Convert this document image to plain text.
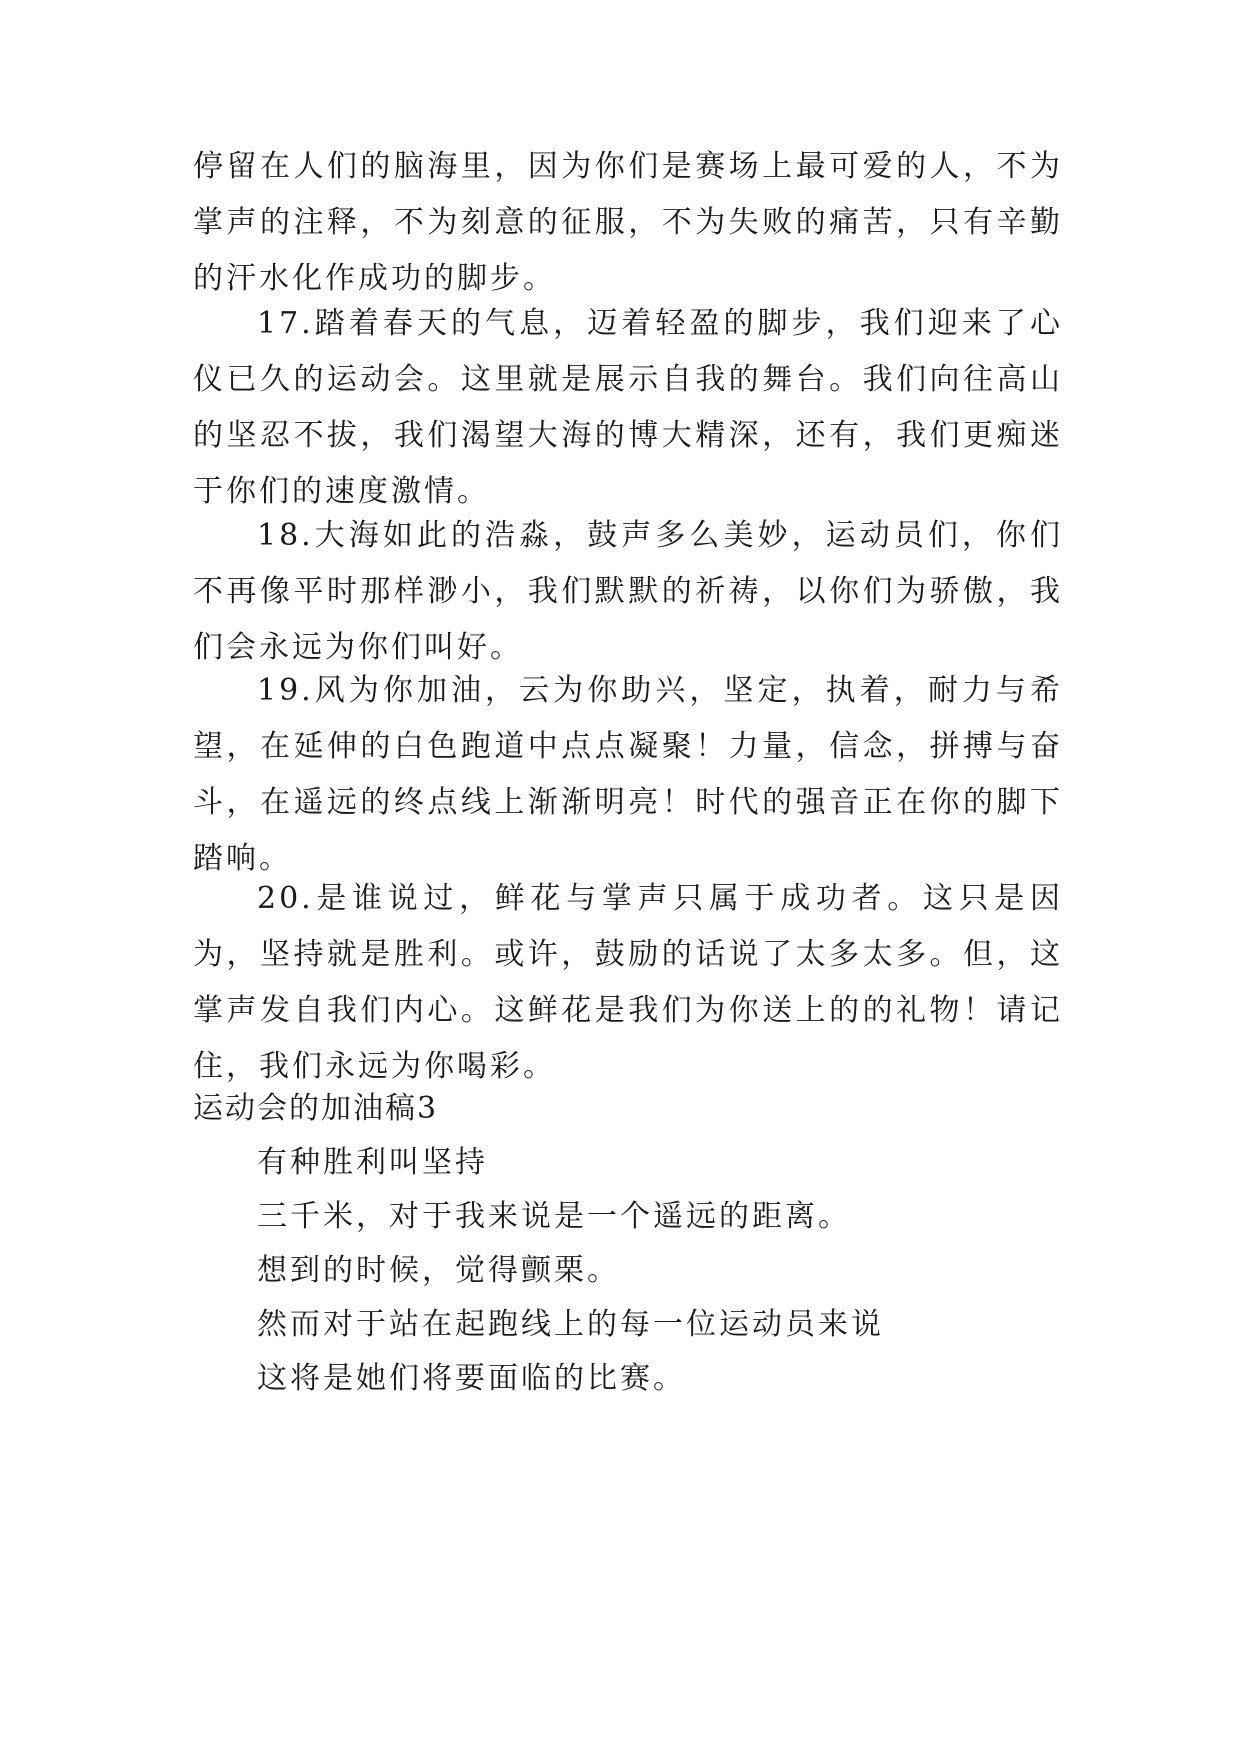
停留在人们的脑海里，因为你们是赛场上最可爱的人，不为掌声的注释，不为刻意的征服，不为失败的痛苦，只有辛勤的汗水化作成功的脚步。

17.踏着春天的气息，迈着轻盈的脚步，我们迎来了心仪已久的运动会。这里就是展示自我的舞台。我们向往高山的坚忍不拔，我们渴望大海的博大精深，还有，我们更痴迷于你们的速度激情。

18.大海如此的浩淼，鼓声多么美妙，运动员们，你们不再像平时那样渺小，我们默默的祈祷，以你们为骄傲，我们会永远为你们叫好。

19.风为你加油，云为你助兴，坚定，执着，耐力与希望，在延伸的白色跑道中点点凝聚！力量，信念，拼搏与奋斗，在遥远的终点线上渐渐明亮！时代的强音正在你的脚下踏响。

20.是谁说过，鲜花与掌声只属于成功者。这只是因为，坚持就是胜利。或许，鼓励的话说了太多太多。但，这掌声发自我们内心。这鲜花是我们为你送上的的礼物！请记住，我们永远为你喝彩。

运动会的加油稿3

有种胜利叫坚持

三千米，对于我来说是一个遥远的距离。

想到的时候，觉得颤栗。

然而对于站在起跑线上的每一位运动员来说

这将是她们将要面临的比赛。
